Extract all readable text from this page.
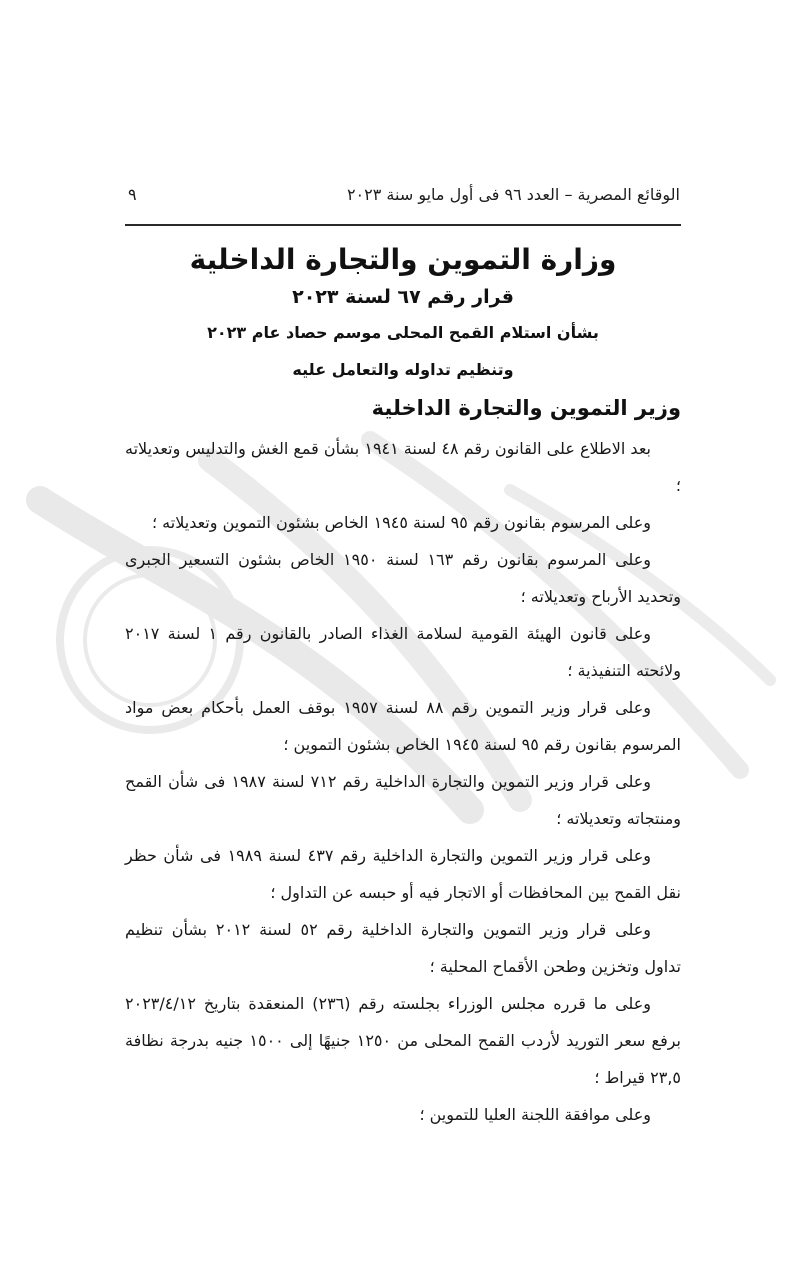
الوقائع المصرية – العدد ٩٦ فى أول مايو سنة ٢٠٢٣
٩
وزارة التموين والتجارة الداخلية
قرار رقم ٦٧ لسنة ٢٠٢٣
بشأن استلام القمح المحلى موسم حصاد عام ٢٠٢٣
وتنظيم تداوله والتعامل عليه
وزير التموين والتجارة الداخلية

بعد الاطلاع على القانون رقم ٤٨ لسنة ١٩٤١ بشأن قمع الغش والتدليس وتعديلاته ؛

وعلى المرسوم بقانون رقم ٩٥ لسنة ١٩٤٥ الخاص بشئون التموين وتعديلاته ؛

وعلى المرسوم بقانون رقم ١٦٣ لسنة ١٩٥٠ الخاص بشئون التسعير الجبرى وتحديد الأرباح وتعديلاته ؛

وعلى قانون الهيئة القومية لسلامة الغذاء الصادر بالقانون رقم ١ لسنة ٢٠١٧ ولائحته التنفيذية ؛

وعلى قرار وزير التموين رقم ٨٨ لسنة ١٩٥٧ بوقف العمل بأحكام بعض مواد المرسوم بقانون رقم ٩٥ لسنة ١٩٤٥ الخاص بشئون التموين ؛

وعلى قرار وزير التموين والتجارة الداخلية رقم ٧١٢ لسنة ١٩٨٧ فى شأن القمح ومنتجاته وتعديلاته ؛

وعلى قرار وزير التموين والتجارة الداخلية رقم ٤٣٧ لسنة ١٩٨٩ فى شأن حظر نقل القمح بين المحافظات أو الاتجار فيه أو حبسه عن التداول ؛

وعلى قرار وزير التموين والتجارة الداخلية رقم ٥٢ لسنة ٢٠١٢ بشأن تنظيم تداول وتخزين وطحن الأقماح المحلية ؛

وعلى ما قرره مجلس الوزراء بجلسته رقم (٢٣٦) المنعقدة بتاريخ ٢٠٢٣/٤/١٢ برفع سعر التوريد لأردب القمح المحلى من ١٢٥٠ جنيهًا إلى ١٥٠٠ جنيه بدرجة نظافة ٢٣,٥ قيراط ؛

وعلى موافقة اللجنة العليا للتموين ؛
